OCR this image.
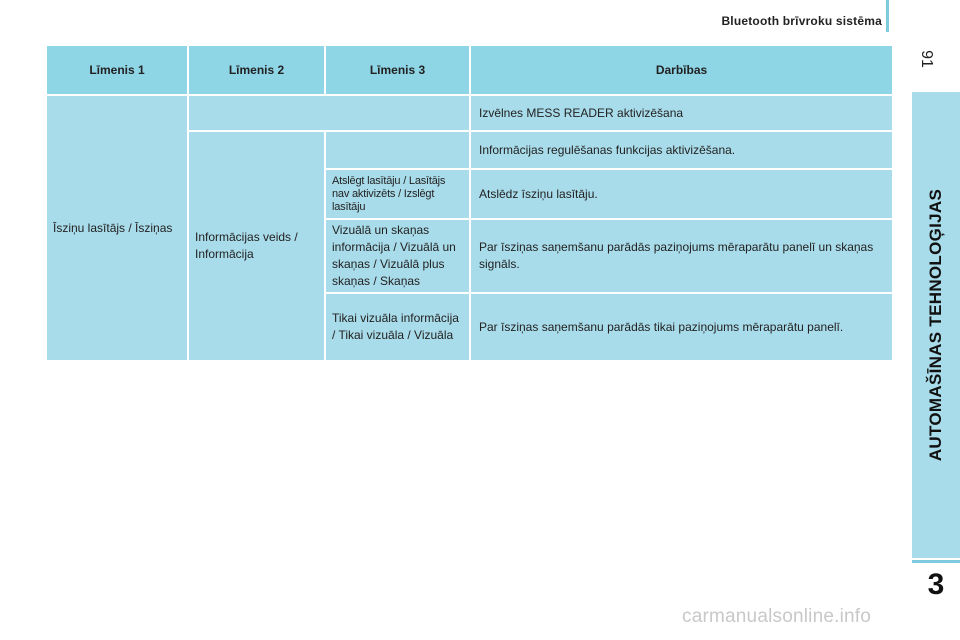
Bluetooth brīvroku sistēma
91
AUTOMAŠĪNAS TEHNOLOĢIJAS
3
Līmenis 1	Līmenis 2	Līmenis 3	Darbības
Īsziņu lasītājs / Īsziņas			Izvēlnes MESS READER aktivizēšana
	Informācijas veids / Informācija		Informācijas regulēšanas funkcijas aktivizēšana.
		Atslēgt lasītāju / Lasītājs nav aktivizēts / Izslēgt lasītāju	Atslēdz īsziņu lasītāju.
		Vizuālā un skaņas informācija / Vizuālā un skaņas / Vizuālā plus skaņas / Skaņas	Par īsziņas saņemšanu parādās paziņojums mēraparātu panelī un skaņas signāls.
		Tikai vizuāla informācija / Tikai vizuāla / Vizuāla	Par īsziņas saņemšanu parādās tikai paziņojums mēraparātu panelī.
carmanualsonline.info
